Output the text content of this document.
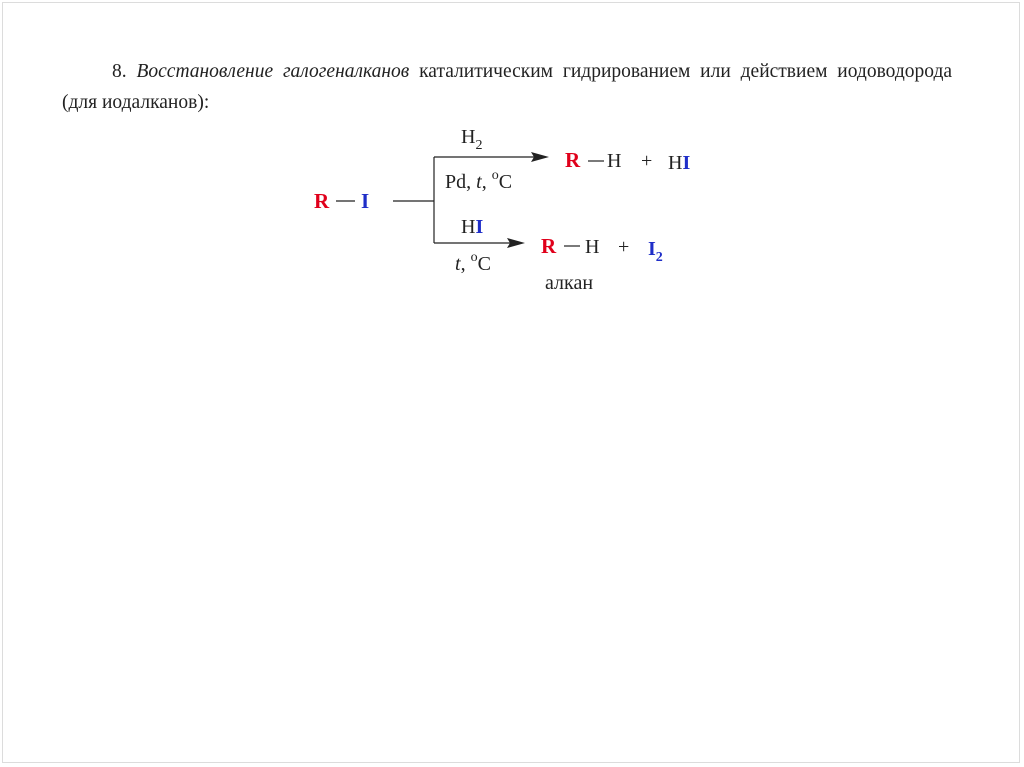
8. Восстановление галогеналканов каталитическим гидрированием или действием иодоводорода (для иодалканов):
R I
$H_2$
Pd, t, $^o$C
R H + HI
HI
t, $^o$C
R $H + I_2$
алкан
